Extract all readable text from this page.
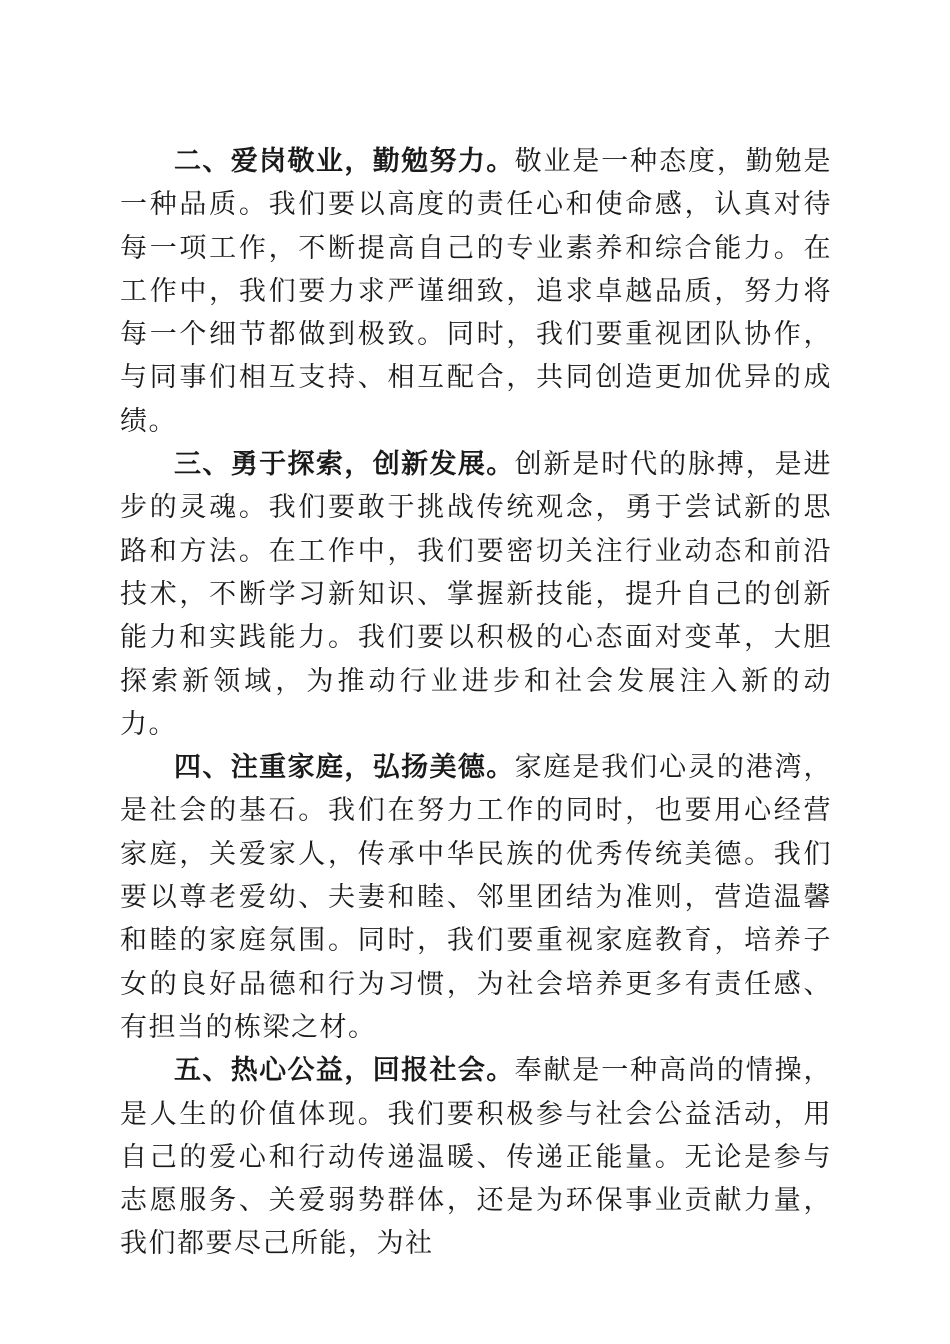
二、爱岗敬业，勤勉努力。敬业是一种态度，勤勉是一种品质。我们要以高度的责任心和使命感，认真对待每一项工作，不断提高自己的专业素养和综合能力。在工作中，我们要力求严谨细致，追求卓越品质，努力将每一个细节都做到极致。同时，我们要重视团队协作，与同事们相互支持、相互配合，共同创造更加优异的成绩。

三、勇于探索，创新发展。创新是时代的脉搏，是进步的灵魂。我们要敢于挑战传统观念，勇于尝试新的思路和方法。在工作中，我们要密切关注行业动态和前沿技术，不断学习新知识、掌握新技能，提升自己的创新能力和实践能力。我们要以积极的心态面对变革，大胆探索新领域，为推动行业进步和社会发展注入新的动力。

四、注重家庭，弘扬美德。家庭是我们心灵的港湾，是社会的基石。我们在努力工作的同时，也要用心经营家庭，关爱家人，传承中华民族的优秀传统美德。我们要以尊老爱幼、夫妻和睦、邻里团结为准则，营造温馨和睦的家庭氛围。同时，我们要重视家庭教育，培养子女的良好品德和行为习惯，为社会培养更多有责任感、有担当的栋梁之材。

五、热心公益，回报社会。奉献是一种高尚的情操，是人生的价值体现。我们要积极参与社会公益活动，用自己的爱心和行动传递温暖、传递正能量。无论是参与志愿服务、关爱弱势群体，还是为环保事业贡献力量，我们都要尽己所能，为社
